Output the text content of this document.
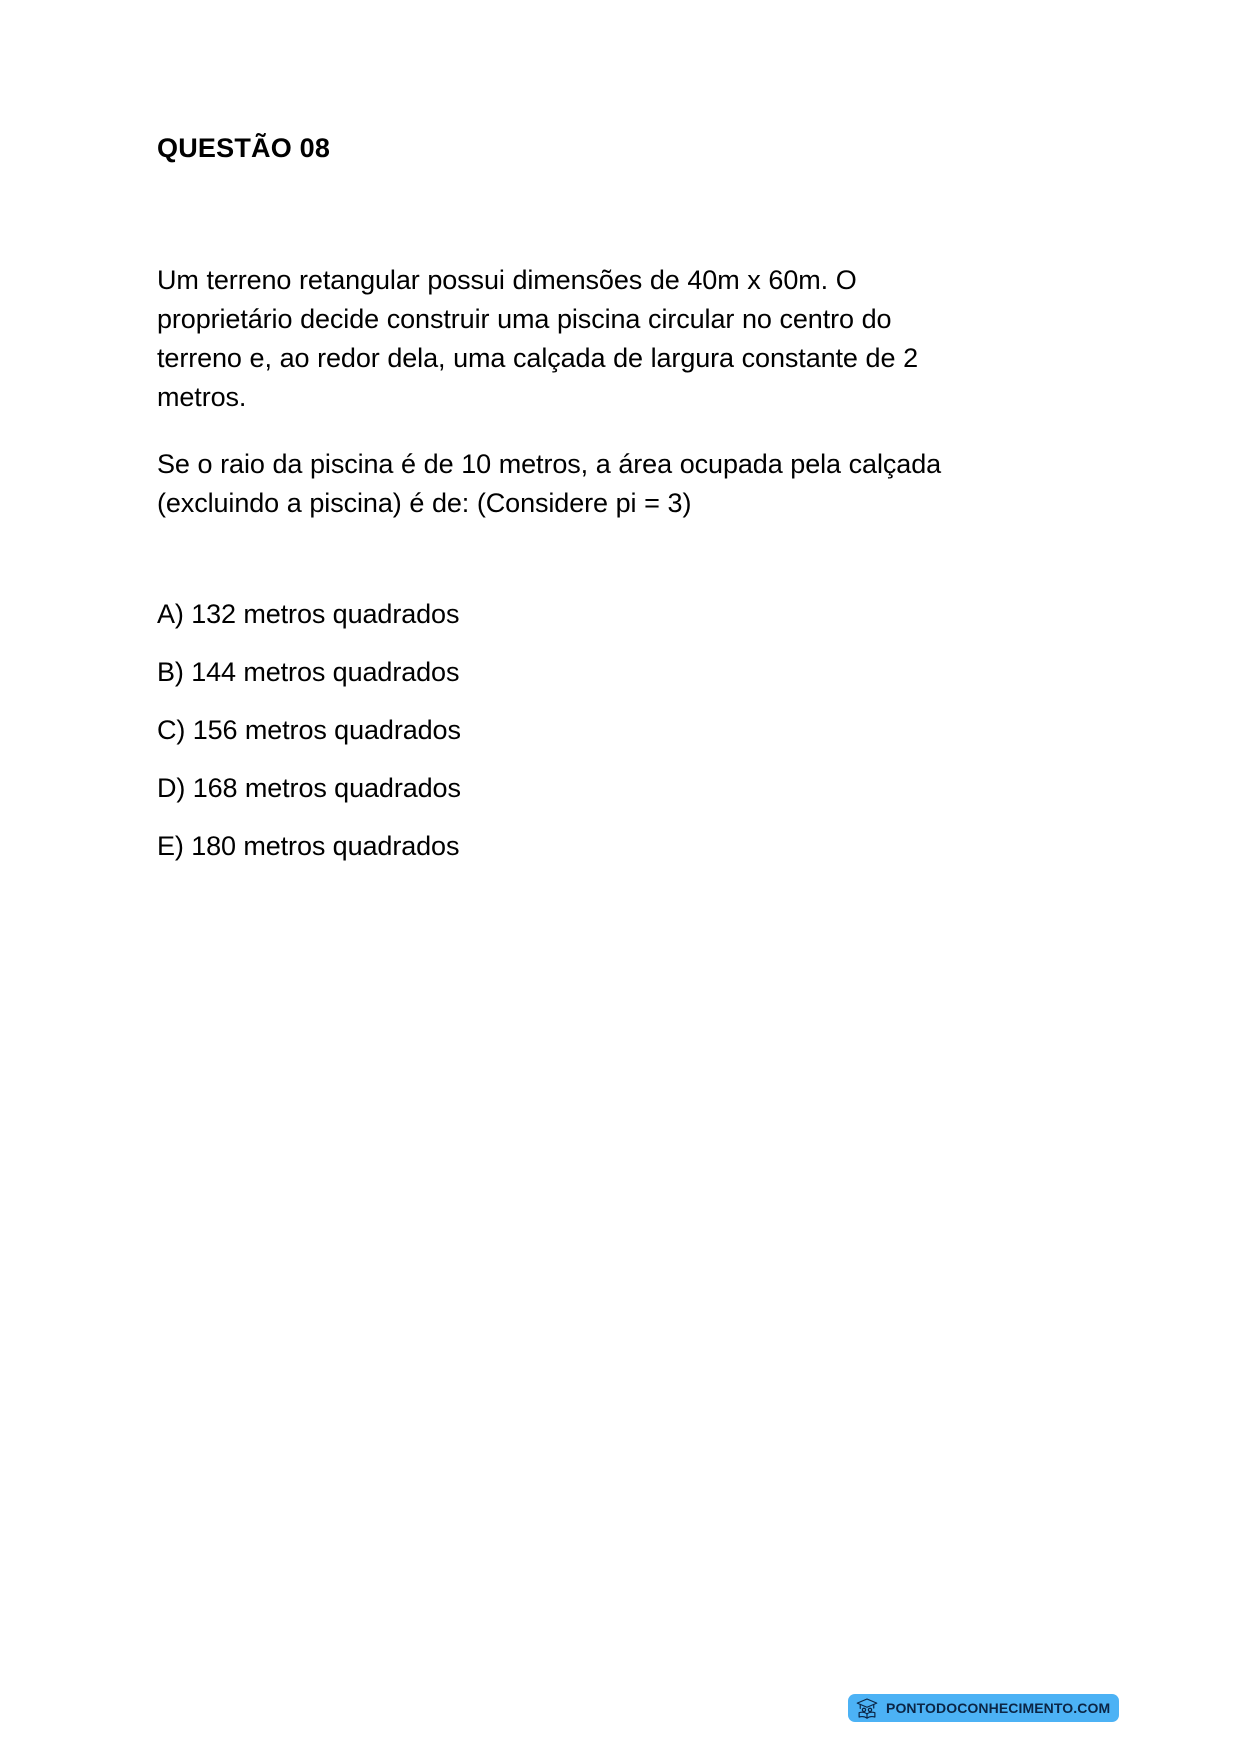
QUESTÃO 08

Um terreno retangular possui dimensões de 40m x 60m. O proprietário decide construir uma piscina circular no centro do terreno e, ao redor dela, uma calçada de largura constante de 2 metros.

Se o raio da piscina é de 10 metros, a área ocupada pela calçada (excluindo a piscina) é de: (Considere pi = 3)

A) 132 metros quadrados
B) 144 metros quadrados
C) 156 metros quadrados
D) 168 metros quadrados
E) 180 metros quadrados
PONTODOCONHECIMENTO.COM
